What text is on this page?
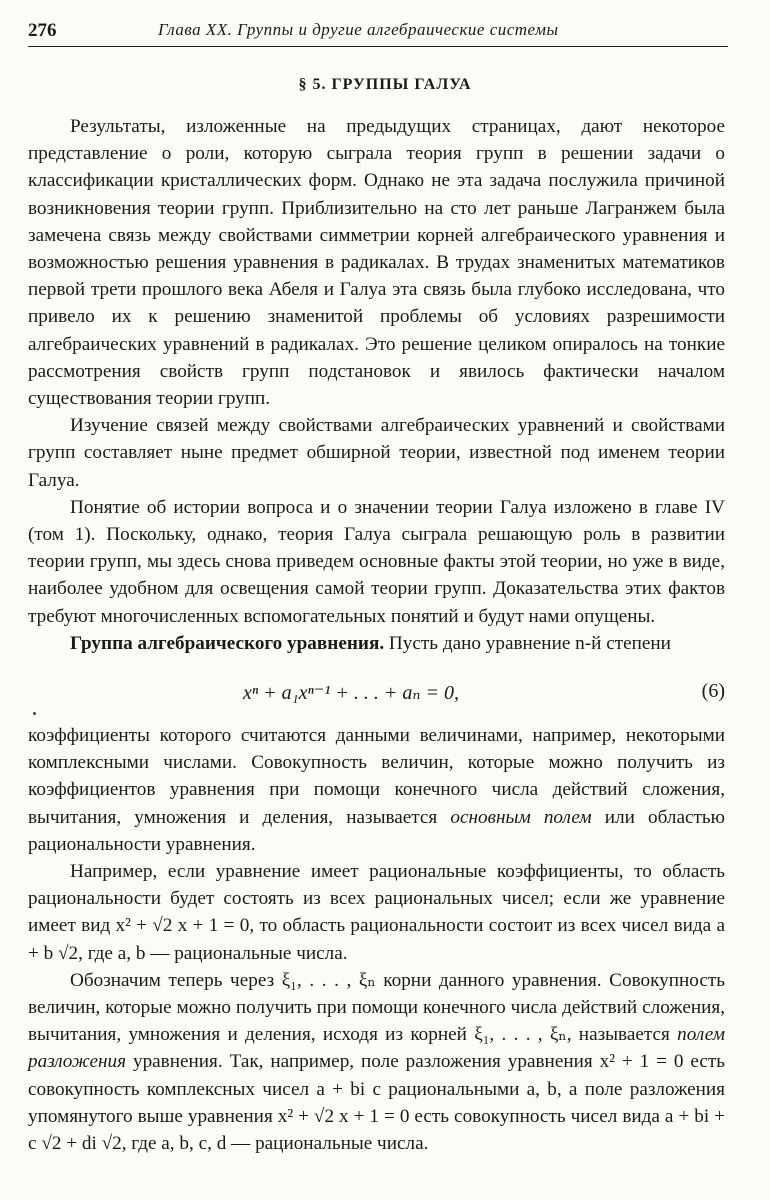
276	Глава XX. Группы и другие алгебраические системы
§ 5. ГРУППЫ ГАЛУА

Результаты, изложенные на предыдущих страницах, дают некоторое представление о роли, которую сыграла теория групп в решении задачи о классификации кристаллических форм. Однако не эта задача послужила причиной возникновения теории групп. Приблизительно на сто лет раньше Лагранжем была замечена связь между свойствами симметрии корней алгебраического уравнения и возможностью решения уравнения в радикалах. В трудах знаменитых математиков первой трети прошлого века Абеля и Галуа эта связь была глубоко исследована, что привело их к решению знаменитой проблемы об условиях разрешимости алгебраических уравнений в радикалах. Это решение целиком опиралось на тонкие рассмотрения свойств групп подстановок и явилось фактически началом существования теории групп.

Изучение связей между свойствами алгебраических уравнений и свойствами групп составляет ныне предмет обширной теории, известной под именем теории Галуа.

Понятие об истории вопроса и о значении теории Галуа изложено в главе IV (том 1). Поскольку, однако, теория Галуа сыграла решающую роль в развитии теории групп, мы здесь снова приведем основные факты этой теории, но уже в виде, наиболее удобном для освещения самой теории групп. Доказательства этих фактов требуют многочисленных вспомогательных понятий и будут нами опущены.

Группа алгебраического уравнения. Пусть дано уравнение n-й степени

xⁿ + a₁xⁿ⁻¹ + . . . + aₙ = 0,	(6)

коэффициенты которого считаются данными величинами, например, некоторыми комплексными числами. Совокупность величин, которые можно получить из коэффициентов уравнения при помощи конечного числа действий сложения, вычитания, умножения и деления, называется основным полем или областью рациональности уравнения.

Например, если уравнение имеет рациональные коэффициенты, то область рациональности будет состоять из всех рациональных чисел; если же уравнение имеет вид x² + √2 x + 1 = 0, то область рациональности состоит из всех чисел вида a + b √2, где a, b — рациональные числа.

Обозначим теперь через ξ₁, . . . , ξₙ корни данного уравнения. Совокупность величин, которые можно получить при помощи конечного числа действий сложения, вычитания, умножения и деления, исходя из корней ξ₁, . . . , ξₙ, называется полем разложения уравнения. Так, например, поле разложения уравнения x² + 1 = 0 есть совокупность комплексных чисел a + bi с рациональными a, b, а поле разложения упомянутого выше уравнения x² + √2 x + 1 = 0 есть совокупность чисел вида a + bi + c √2 + di √2, где a, b, c, d — рациональные числа.
